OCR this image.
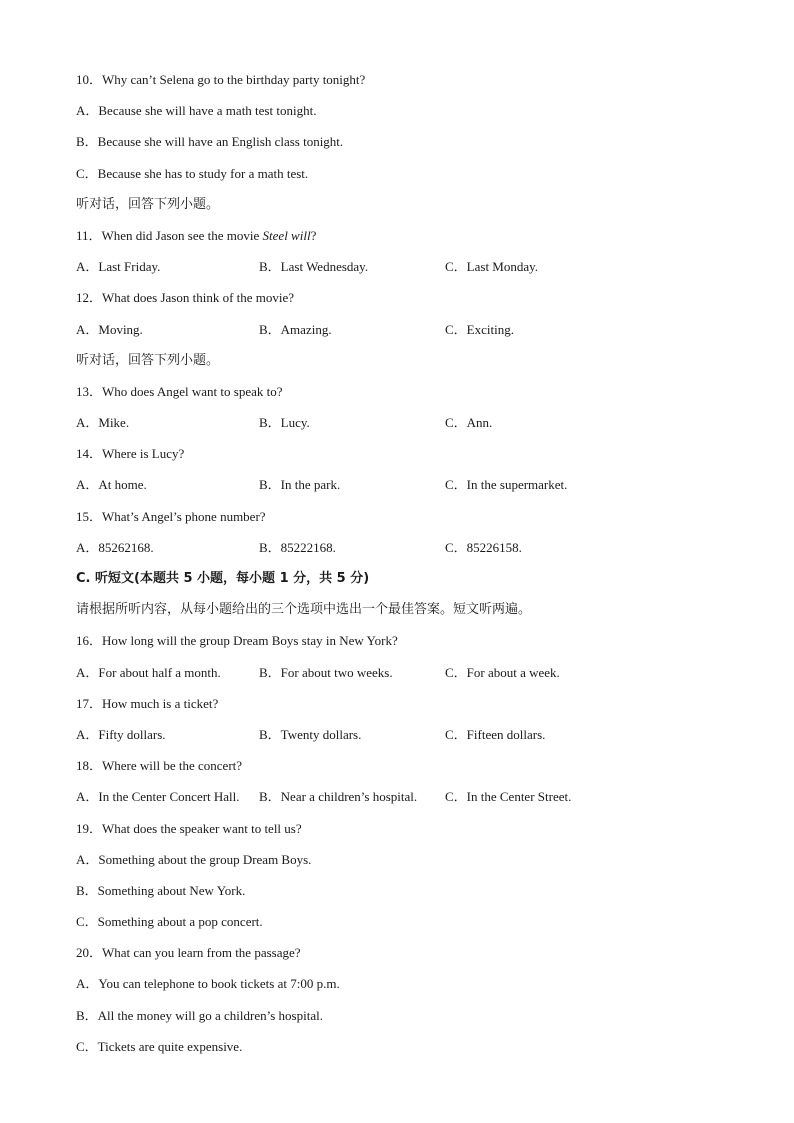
10．Why can’t Selena go to the birthday party tonight?
A．Because she will have a math test tonight.
B．Because she will have an English class tonight.
C．Because she has to study for a math test.
听对话，回答下列小题。
11．When did Jason see the movie Steel will?
A．Last Friday.	B．Last Wednesday.	C．Last Monday.
12．What does Jason think of the movie?
A．Moving.	B．Amazing.	C．Exciting.
听对话，回答下列小题。
13．Who does Angel want to speak to?
A．Mike.	B．Lucy.	C．Ann.
14．Where is Lucy?
A．At home.	B．In the park.	C．In the supermarket.
15．What’s Angel’s phone number?
A．85262168.	B．85222168.	C．85226158.
C. 听短文(本题共 5 小题，每小题 1 分，共 5 分)
请根据所听内容，从每小题给出的三个选项中选出一个最佳答案。短文听两遍。
16．How long will the group Dream Boys stay in New York?
A．For about half a month.	B．For about two weeks.	C．For about a week.
17．How much is a ticket?
A．Fifty dollars.	B．Twenty dollars.	C．Fifteen dollars.
18．Where will be the concert?
A．In the Center Concert Hall.	B．Near a children’s hospital.	C．In the Center Street.
19．What does the speaker want to tell us?
A．Something about the group Dream Boys.
B．Something about New York.
C．Something about a pop concert.
20．What can you learn from the passage?
A．You can telephone to book tickets at 7:00 p.m.
B．All the money will go a children’s hospital.
C．Tickets are quite expensive.
